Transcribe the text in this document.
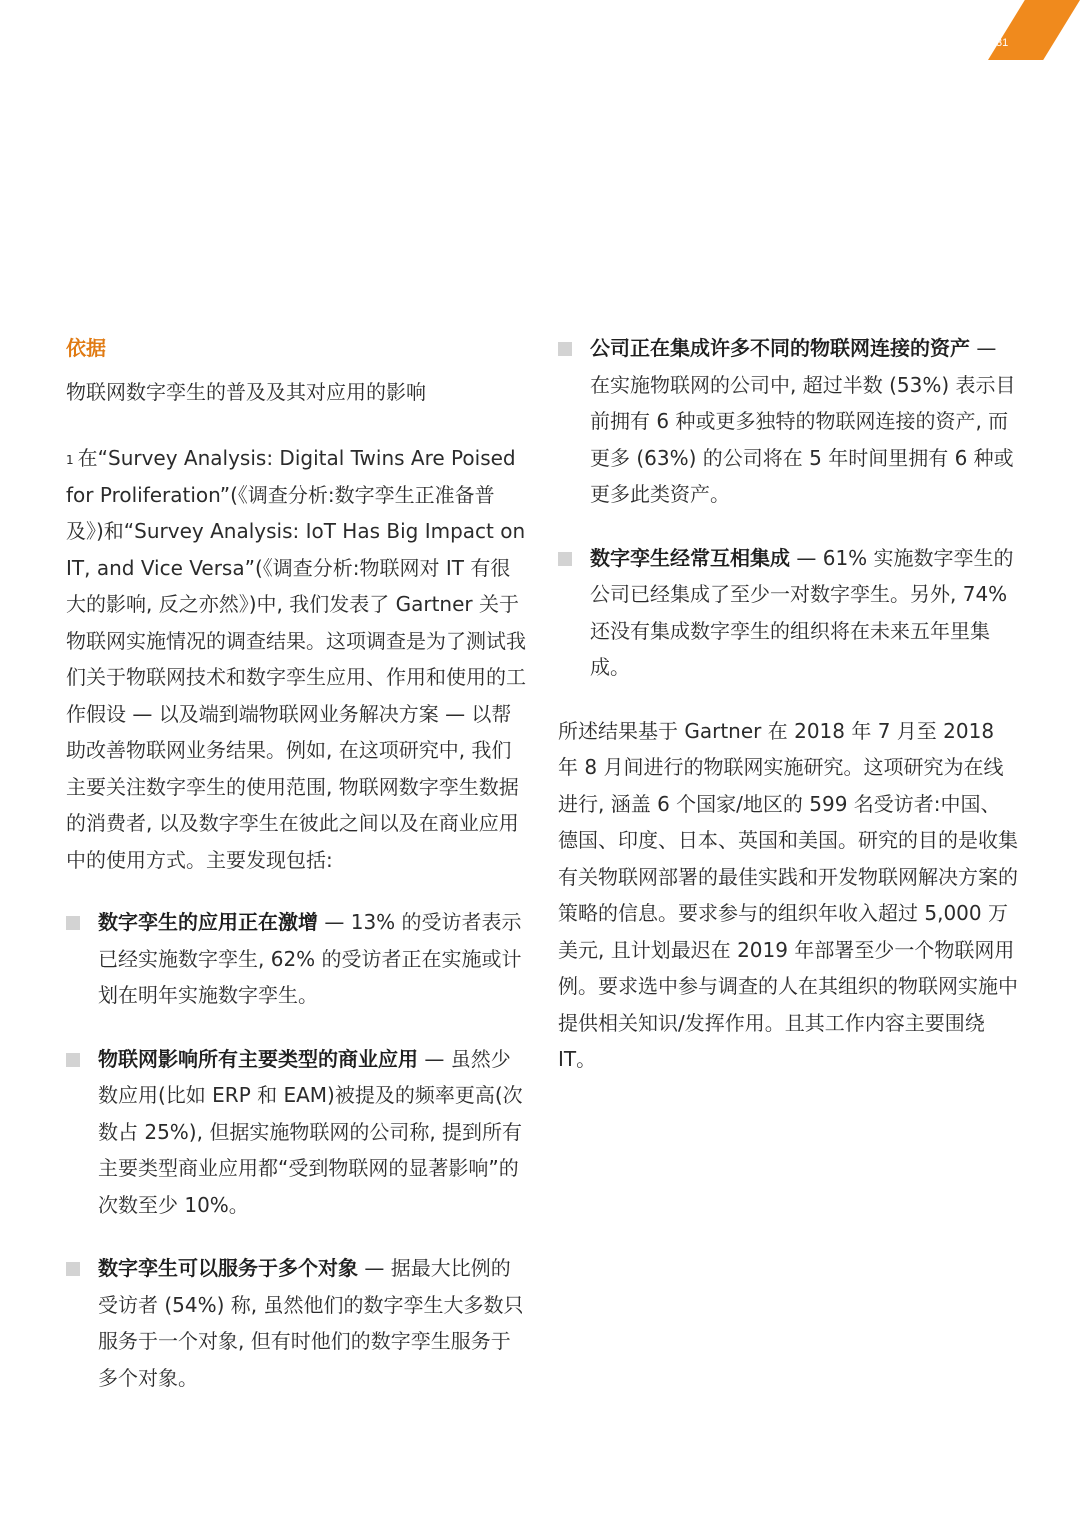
31
依据
物联网数字孪生的普及及其对应用的影响

$^1$ 在“Survey Analysis: Digital Twins Are Poised for Proliferation”(《调查分析:数字孪生正准备普及》)和“Survey Analysis: IoT Has Big Impact on IT, and Vice Versa”(《调查分析:物联网对 IT 有很大的影响, 反之亦然》)中, 我们发表了 Gartner 关于物联网实施情况的调查结果。这项调查是为了测试我们关于物联网技术和数字孪生应用、作用和使用的工作假设 — 以及端到端物联网业务解决方案 — 以帮助改善物联网业务结果。例如, 在这项研究中, 我们主要关注数字孪生的使用范围, 物联网数字孪生数据的消费者, 以及数字孪生在彼此之间以及在商业应用中的使用方式。主要发现包括:

数字孪生的应用正在激增 — 13% 的受访者表示已经实施数字孪生, 62% 的受访者正在实施或计划在明年实施数字孪生。
物联网影响所有主要类型的商业应用 — 虽然少数应用(比如 ERP 和 EAM)被提及的频率更高(次数占 25%), 但据实施物联网的公司称, 提到所有主要类型商业应用都“受到物联网的显著影响”的次数至少 10%。
数字孪生可以服务于多个对象 — 据最大比例的受访者 (54%) 称, 虽然他们的数字孪生大多数只服务于一个对象, 但有时他们的数字孪生服务于多个对象。
公司正在集成许多不同的物联网连接的资产 — 在实施物联网的公司中, 超过半数 (53%) 表示目前拥有 6 种或更多独特的物联网连接的资产, 而更多 (63%) 的公司将在 5 年时间里拥有 6 种或更多此类资产。
数字孪生经常互相集成 — 61% 实施数字孪生的公司已经集成了至少一对数字孪生。另外, 74% 还没有集成数字孪生的组织将在未来五年里集成。

所述结果基于 Gartner 在 2018 年 7 月至 2018 年 8 月间进行的物联网实施研究。这项研究为在线进行, 涵盖 6 个国家/地区的 599 名受访者:中国、德国、印度、日本、英国和美国。研究的目的是收集有关物联网部署的最佳实践和开发物联网解决方案的策略的信息。要求参与的组织年收入超过 5,000 万美元, 且计划最迟在 2019 年部署至少一个物联网用例。要求选中参与调查的人在其组织的物联网实施中提供相关知识/发挥作用。且其工作内容主要围绕 IT。
